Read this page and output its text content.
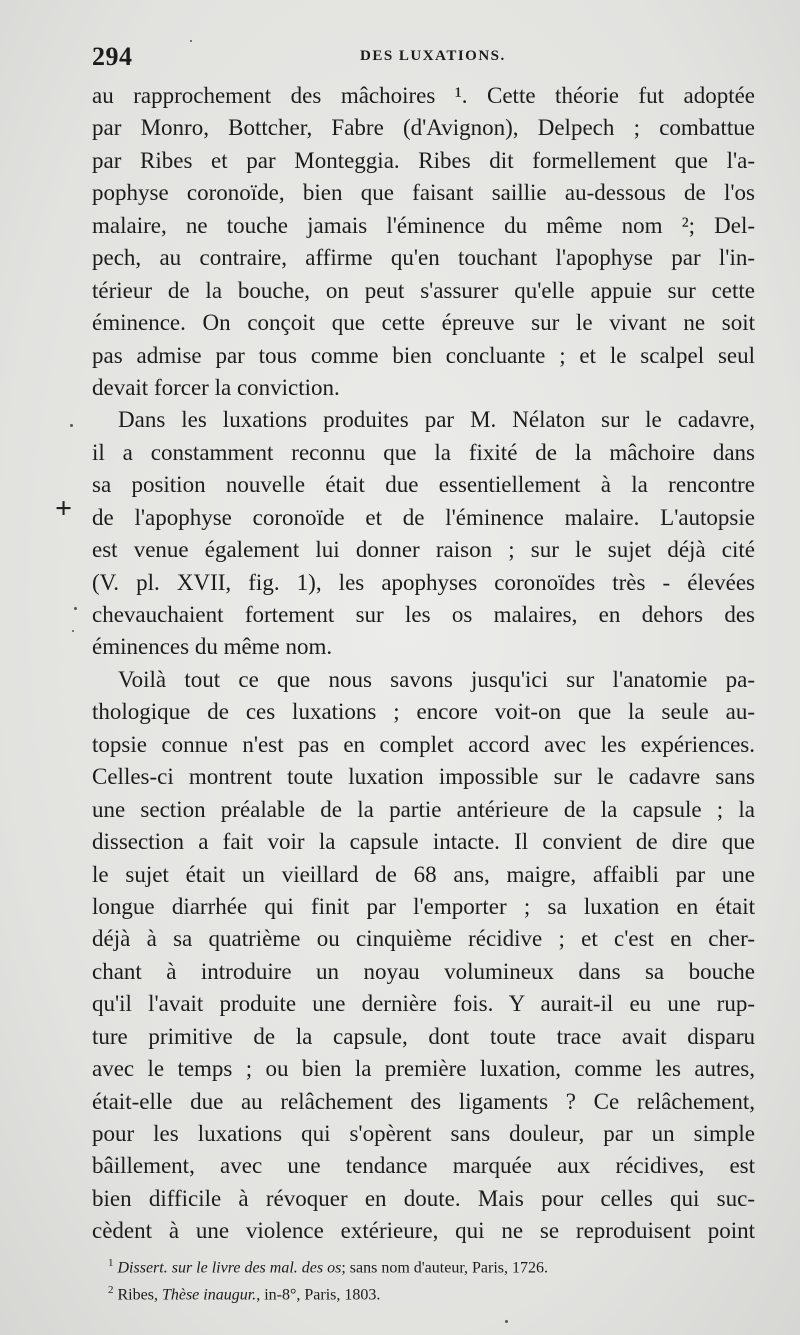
294	DES LUXATIONS.
+
au rapprochement des mâchoires ¹. Cette théorie fut adoptée
par Monro, Bottcher, Fabre (d'Avignon), Delpech ; combattue
par Ribes et par Monteggia. Ribes dit formellement que l'a-
pophyse coronoïde, bien que faisant saillie au-dessous de l'os
malaire, ne touche jamais l'éminence du même nom ²; Del-
pech, au contraire, affirme qu'en touchant l'apophyse par l'in-
térieur de la bouche, on peut s'assurer qu'elle appuie sur cette
éminence. On conçoit que cette épreuve sur le vivant ne soit
pas admise par tous comme bien concluante ; et le scalpel seul
devait forcer la conviction.
Dans les luxations produites par M. Nélaton sur le cadavre,
il a constamment reconnu que la fixité de la mâchoire dans
sa position nouvelle était due essentiellement à la rencontre
de l'apophyse coronoïde et de l'éminence malaire. L'autopsie
est venue également lui donner raison ; sur le sujet déjà cité
(V. pl. XVII, fig. 1), les apophyses coronoïdes très - élevées
chevauchaient fortement sur les os malaires, en dehors des
éminences du même nom.
Voilà tout ce que nous savons jusqu'ici sur l'anatomie pa-
thologique de ces luxations ; encore voit-on que la seule au-
topsie connue n'est pas en complet accord avec les expériences.
Celles-ci montrent toute luxation impossible sur le cadavre sans
une section préalable de la partie antérieure de la capsule ; la
dissection a fait voir la capsule intacte. Il convient de dire que
le sujet était un vieillard de 68 ans, maigre, affaibli par une
longue diarrhée qui finit par l'emporter ; sa luxation en était
déjà à sa quatrième ou cinquième récidive ; et c'est en cher-
chant à introduire un noyau volumineux dans sa bouche
qu'il l'avait produite une dernière fois. Y aurait-il eu une rup-
ture primitive de la capsule, dont toute trace avait disparu
avec le temps ; ou bien la première luxation, comme les autres,
était-elle due au relâchement des ligaments ? Ce relâchement,
pour les luxations qui s'opèrent sans douleur, par un simple
bâillement, avec une tendance marquée aux récidives, est
bien difficile à révoquer en doute. Mais pour celles qui suc-
cèdent à une violence extérieure, qui ne se reproduisent point
$^1$ Dissert. sur le livre des mal. des os; sans nom d'auteur, Paris, 1726.
$^2$ Ribes, Thèse inaugur., in-8°, Paris, 1803.
